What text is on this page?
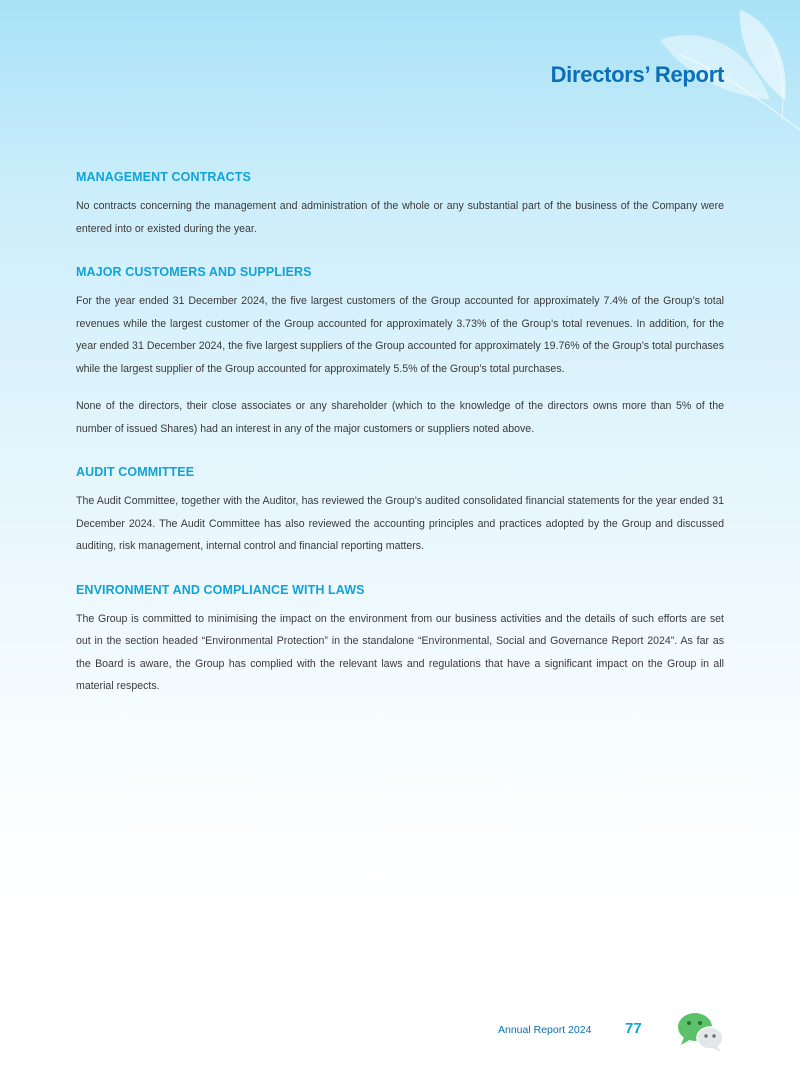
Directors’ Report
MANAGEMENT CONTRACTS

No contracts concerning the management and administration of the whole or any substantial part of the business of the Company were entered into or existed during the year.

MAJOR CUSTOMERS AND SUPPLIERS

For the year ended 31 December 2024, the five largest customers of the Group accounted for approximately 7.4% of the Group’s total revenues while the largest customer of the Group accounted for approximately 3.73% of the Group’s total revenues. In addition, for the year ended 31 December 2024, the five largest suppliers of the Group accounted for approximately 19.76% of the Group’s total purchases while the largest supplier of the Group accounted for approximately 5.5% of the Group’s total purchases.

None of the directors, their close associates or any shareholder (which to the knowledge of the directors owns more than 5% of the number of issued Shares) had an interest in any of the major customers or suppliers noted above.

AUDIT COMMITTEE

The Audit Committee, together with the Auditor, has reviewed the Group’s audited consolidated financial statements for the year ended 31 December 2024. The Audit Committee has also reviewed the accounting principles and practices adopted by the Group and discussed auditing, risk management, internal control and financial reporting matters.

ENVIRONMENT AND COMPLIANCE WITH LAWS

The Group is committed to minimising the impact on the environment from our business activities and the details of such efforts are set out in the section headed “Environmental Protection” in the standalone “Environmental, Social and Governance Report 2024”. As far as the Board is aware, the Group has complied with the relevant laws and regulations that have a significant impact on the Group in all material respects.

Annual Report 2024 77
